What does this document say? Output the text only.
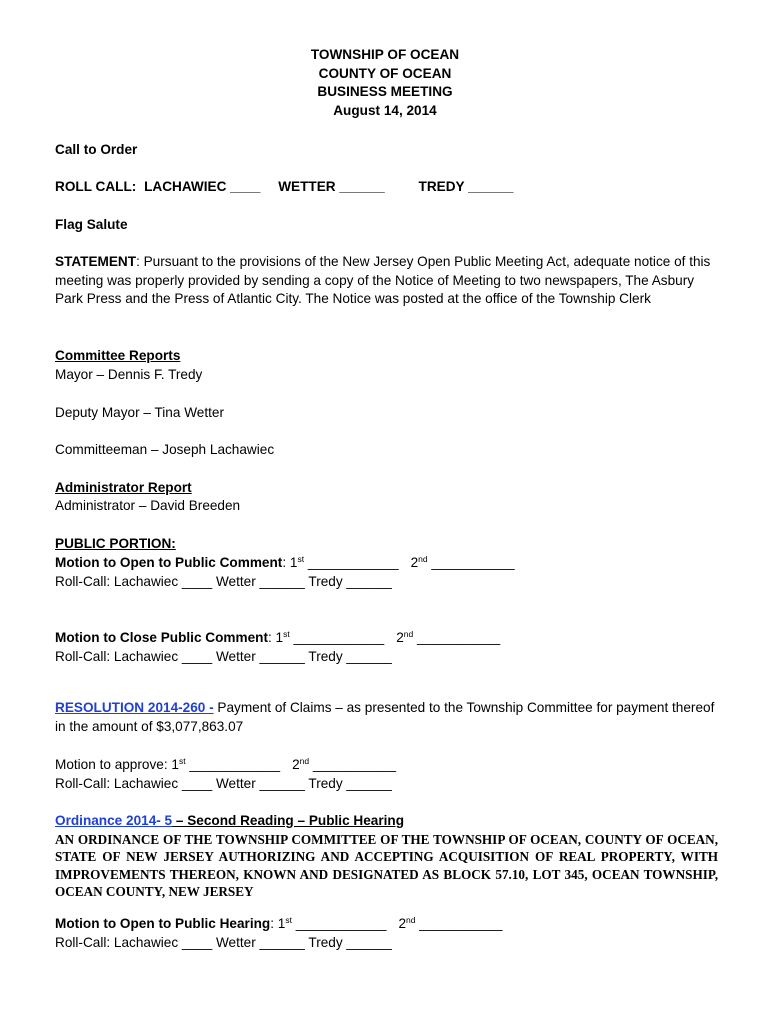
TOWNSHIP OF OCEAN
COUNTY OF OCEAN
BUSINESS MEETING
August 14, 2014
Call to Order
ROLL CALL: LACHAWIEC ____ WETTER ______ TREDY ______
Flag Salute
STATEMENT: Pursuant to the provisions of the New Jersey Open Public Meeting Act, adequate notice of this meeting was properly provided by sending a copy of the Notice of Meeting to two newspapers, The Asbury Park Press and the Press of Atlantic City. The Notice was posted at the office of the Township Clerk
Committee Reports
Mayor – Dennis F. Tredy
Deputy Mayor – Tina Wetter
Committeeman – Joseph Lachawiec
Administrator Report
Administrator – David Breeden
PUBLIC PORTION:
Motion to Open to Public Comment: 1st ____________ 2nd ___________
Roll-Call: Lachawiec ____ Wetter ______ Tredy ______
Motion to Close Public Comment: 1st ____________ 2nd ___________
Roll-Call: Lachawiec ____ Wetter ______ Tredy ______
RESOLUTION 2014-260 - Payment of Claims – as presented to the Township Committee for payment thereof in the amount of $3,077,863.07
Motion to approve: 1st ____________ 2nd ___________
Roll-Call: Lachawiec ____ Wetter ______ Tredy ______
Ordinance 2014- 5 – Second Reading – Public Hearing
AN ORDINANCE OF THE TOWNSHIP COMMITTEE OF THE TOWNSHIP OF OCEAN, COUNTY OF OCEAN, STATE OF NEW JERSEY AUTHORIZING AND ACCEPTING ACQUISITION OF REAL PROPERTY, WITH IMPROVEMENTS THEREON, KNOWN AND DESIGNATED AS BLOCK 57.10, LOT 345, OCEAN TOWNSHIP, OCEAN COUNTY, NEW JERSEY
Motion to Open to Public Hearing: 1st ____________ 2nd ___________
Roll-Call: Lachawiec ____ Wetter ______ Tredy ______
